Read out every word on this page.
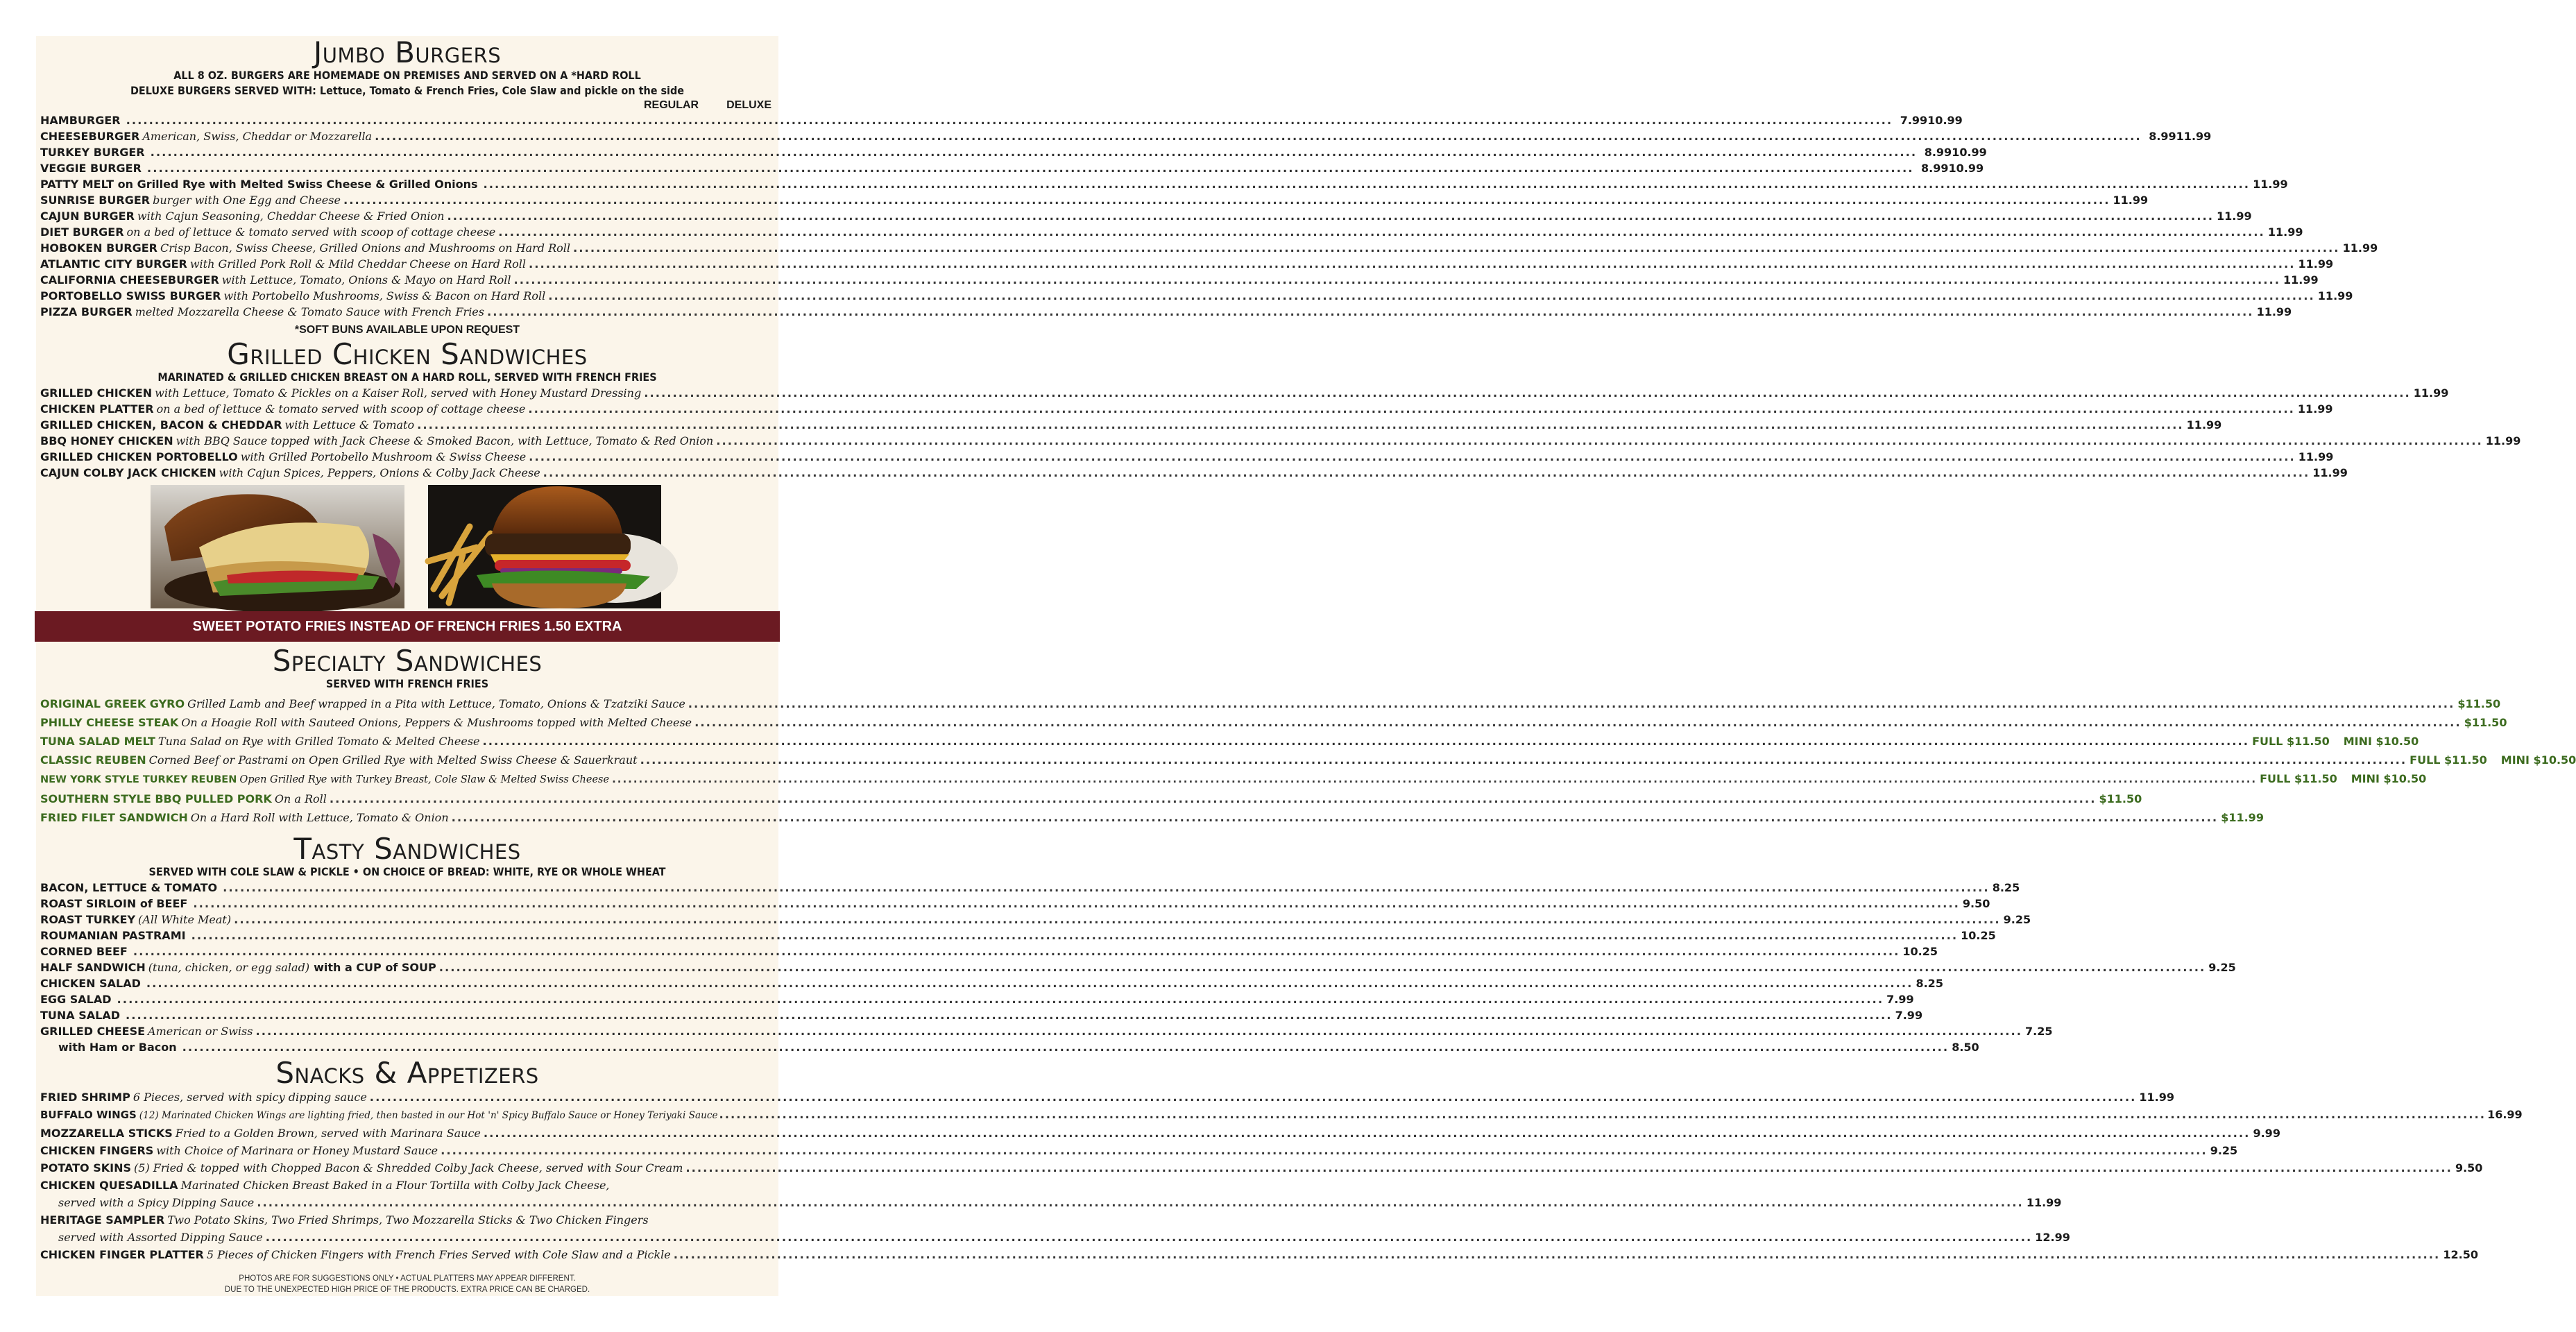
Jumbo Burgers
ALL 8 OZ. BURGERS ARE HOMEMADE ON PREMISES AND SERVED ON A *HARD ROLL
DELUXE BURGERS SERVED WITH: Lettuce, Tomato & French Fries, Cole Slaw and pickle on the side
REGULAR	DELUXE
HAMBURGER .....	7.99 10.99
CHEESEBURGER American, Swiss, Cheddar or Mozzarella .....	8.99 11.99
TURKEY BURGER .....	8.99 10.99
VEGGIE BURGER .....	8.99 10.99
PATTY MELT on Grilled Rye with Melted Swiss Cheese & Grilled Onions .....	11.99
SUNRISE BURGER burger with One Egg and Cheese .....	11.99
CAJUN BURGER with Cajun Seasoning, Cheddar Cheese & Fried Onion .....	11.99
DIET BURGER on a bed of lettuce & tomato served with scoop of cottage cheese .....	11.99
HOBOKEN BURGER Crisp Bacon, Swiss Cheese, Grilled Onions and Mushrooms on Hard Roll .....	11.99
ATLANTIC CITY BURGER with Grilled Pork Roll & Mild Cheddar Cheese on Hard Roll .....	11.99
CALIFORNIA CHEESEBURGER with Lettuce, Tomato, Onions & Mayo on Hard Roll .....	11.99
PORTOBELLO SWISS BURGER with Portobello Mushrooms, Swiss & Bacon on Hard Roll .....	11.99
PIZZA BURGER melted Mozzarella Cheese & Tomato Sauce with French Fries .....	11.99
*SOFT BUNS AVAILABLE UPON REQUEST
Grilled Chicken Sandwiches
MARINATED & GRILLED CHICKEN BREAST ON A HARD ROLL, SERVED WITH FRENCH FRIES
GRILLED CHICKEN with Lettuce, Tomato & Pickles on a Kaiser Roll, served with Honey Mustard Dressing .....	11.99
CHICKEN PLATTER on a bed of lettuce & tomato served with scoop of cottage cheese .....	11.99
GRILLED CHICKEN, BACON & CHEDDAR with Lettuce & Tomato .....	11.99
BBQ HONEY CHICKEN with BBQ Sauce topped with Jack Cheese & Smoked Bacon, with Lettuce, Tomato & Red Onion .....	11.99
GRILLED CHICKEN PORTOBELLO with Grilled Portobello Mushroom & Swiss Cheese .....	11.99
CAJUN COLBY JACK CHICKEN with Cajun Spices, Peppers, Onions & Colby Jack Cheese .....	11.99
SWEET POTATO FRIES INSTEAD OF FRENCH FRIES 1.50 EXTRA
Specialty Sandwiches
SERVED WITH FRENCH FRIES
ORIGINAL GREEK GYRO Grilled Lamb and Beef wrapped in a Pita with Lettuce, Tomato, Onions & Tzatziki Sauce .....	$11.50
PHILLY CHEESE STEAK On a Hoagie Roll with Sauteed Onions, Peppers & Mushrooms topped with Melted Cheese .....	$11.50
TUNA SALAD MELT Tuna Salad on Rye with Grilled Tomato & Melted Cheese .....	FULL $11.50 MINI $10.50
CLASSIC REUBEN Corned Beef or Pastrami on Open Grilled Rye with Melted Swiss Cheese & Sauerkraut .....	FULL $11.50 MINI $10.50
NEW YORK STYLE TURKEY REUBEN Open Grilled Rye with Turkey Breast, Cole Slaw & Melted Swiss Cheese .....	FULL $11.50 MINI $10.50
SOUTHERN STYLE BBQ PULLED PORK On a Roll .....	$11.50
FRIED FILET SANDWICH On a Hard Roll with Lettuce, Tomato & Onion .....	$11.99
Tasty Sandwiches
SERVED WITH COLE SLAW & PICKLE • ON CHOICE OF BREAD: WHITE, RYE OR WHOLE WHEAT
BACON, LETTUCE & TOMATO .....	8.25
ROAST SIRLOIN of BEEF .....	9.50
ROAST TURKEY (All White Meat) .....	9.25
ROUMANIAN PASTRAMI .....	10.25
CORNED BEEF .....	10.25
HALF SANDWICH (tuna, chicken, or egg salad) with a CUP of SOUP .....	9.25
CHICKEN SALAD .....	8.25
EGG SALAD .....	7.99
TUNA SALAD .....	7.99
GRILLED CHEESE American or Swiss .....	7.25
with Ham or Bacon .....	8.50
Snacks & Appetizers
FRIED SHRIMP 6 Pieces, served with spicy dipping sauce .....	11.99
BUFFALO WINGS (12) Marinated Chicken Wings are lighting fried, then basted in our Hot 'n' Spicy Buffalo Sauce or Honey Teriyaki Sauce .....	16.99
MOZZARELLA STICKS Fried to a Golden Brown, served with Marinara Sauce .....	9.99
CHICKEN FINGERS with Choice of Marinara or Honey Mustard Sauce .....	9.25
POTATO SKINS (5) Fried & topped with Chopped Bacon & Shredded Colby Jack Cheese, served with Sour Cream .....	9.50
CHICKEN QUESADILLA Marinated Chicken Breast Baked in a Flour Tortilla with Colby Jack Cheese,
served with a Spicy Dipping Sauce .....	11.99
HERITAGE SAMPLER Two Potato Skins, Two Fried Shrimps, Two Mozzarella Sticks & Two Chicken Fingers
served with Assorted Dipping Sauce .....	12.99
CHICKEN FINGER PLATTER 5 Pieces of Chicken Fingers with French Fries Served with Cole Slaw and a Pickle .....	12.50
PHOTOS ARE FOR SUGGESTIONS ONLY • ACTUAL PLATTERS MAY APPEAR DIFFERENT.
DUE TO THE UNEXPECTED HIGH PRICE OF THE PRODUCTS. EXTRA PRICE CAN BE CHARGED.
